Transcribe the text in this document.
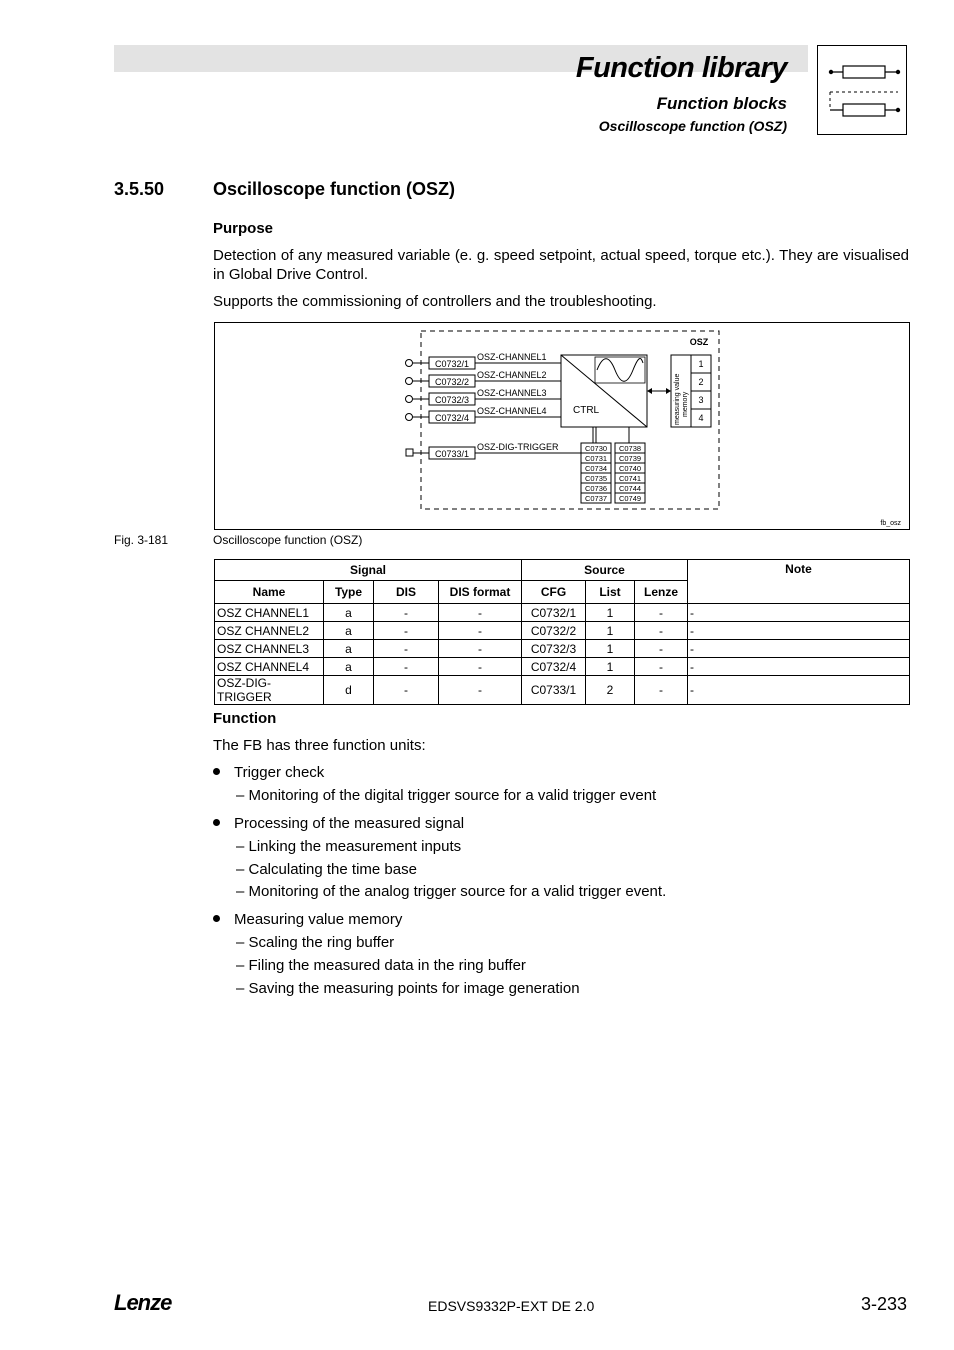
Function library
Function blocks
Oscilloscope function (OSZ)
3.5.50	Oscilloscope function (OSZ)
Purpose
Detection of any measured variable (e. g. speed setpoint, actual speed, torque etc.). They are visualised in Global Drive Control.
Supports the commissioning of controllers and the troubleshooting.
OSZ
C0732/1
OSZ-CHANNEL1
C0732/2
OSZ-CHANNEL2
C0732/3
OSZ-CHANNEL3
C0732/4
OSZ-CHANNEL4
C0733/1
OSZ-DIG-TRIGGER
CTRL	measuring value memory
1
2
3
4
C0730
C0731
C0734
C0735
C0736
C0737
C0738
C0739
C0740
C0741
C0744
C0749
fb_osz
Fig. 3-181	Oscilloscope function (OSZ)
Signal				Source			Note
Name	Type	DIS	DIS format	CFG	List	Lenze	
OSZ CHANNEL1	a	-	-	C0732/1	1	-	-
OSZ CHANNEL2	a	-	-	C0732/2	1	-	-
OSZ CHANNEL3	a	-	-	C0732/3	1	-	-
OSZ CHANNEL4	a	-	-	C0732/4	1	-	-
OSZ-DIG-TRIGGER	d	-	-	C0733/1	2	-	-
Function
The FB has three function units:
Trigger check
– Monitoring of the digital trigger source for a valid trigger event
Processing of the measured signal
– Linking the measurement inputs
– Calculating the time base
– Monitoring of the analog trigger source for a valid trigger event.
Measuring value memory
– Scaling the ring buffer
– Filing the measured data in the ring buffer
– Saving the measuring points for image generation
Lenze	EDSVS9332P-EXT DE 2.0	3-233
